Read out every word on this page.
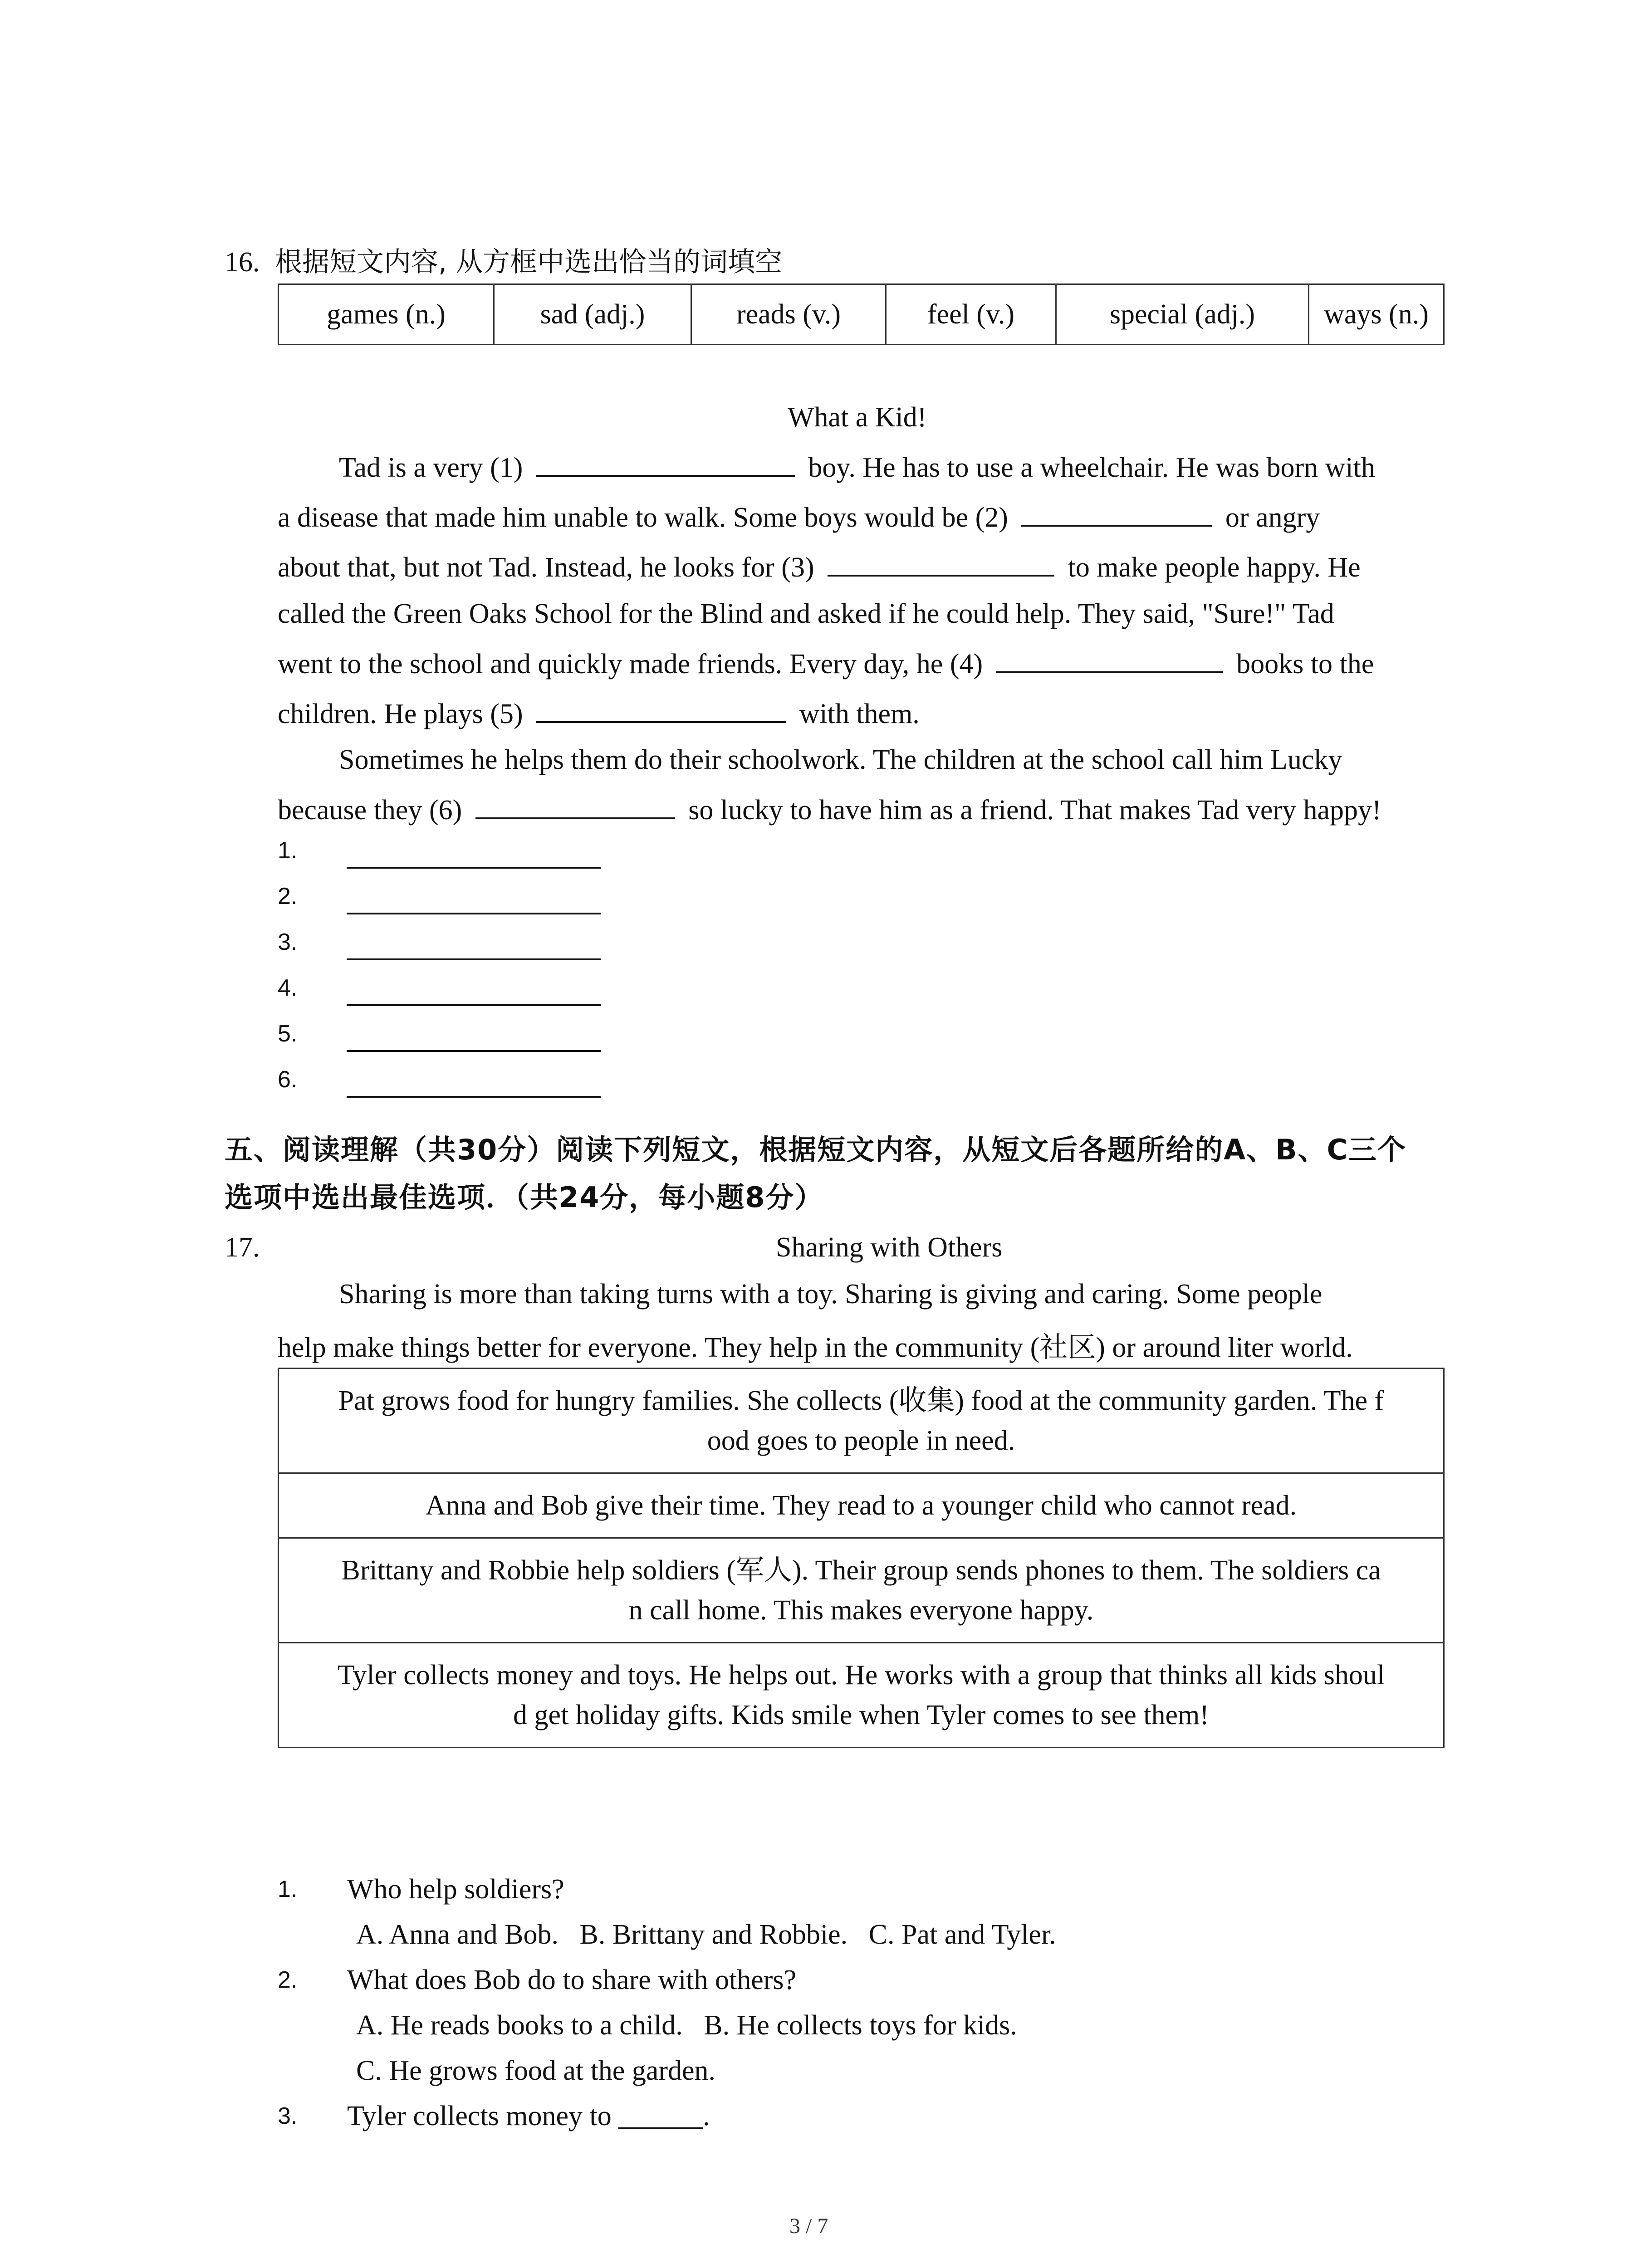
16. 根据短文内容, 从方框中选出恰当的词填空
games (n.)	sad (adj.)	reads (v.)	feel (v.)	special (adj.)	ways (n.)
What a Kid!
Tad is a very (1)	boy. He has to use a wheelchair. He was born with
a disease that made him unable to walk. Some boys would be (2)	or angry
about that, but not Tad. Instead, he looks for (3)	to make people happy. He
called the Green Oaks School for the Blind and asked if he could help. They said, "Sure!" Tad
went to the school and quickly made friends. Every day, he (4)	books to the
children. He plays (5)	with them.
Sometimes he helps them do their schoolwork. The children at the school call him Lucky
because they (6)	so lucky to have him as a friend. That makes Tad very happy!
1.
2.
3.
4.
5.
6.
五、阅读理解（共30分）阅读下列短文，根据短文内容，从短文后各题所给的A、B、C三个
选项中选出最佳选项．（共24分，每小题8分）
17.	Sharing with Others
Sharing is more than taking turns with a toy. Sharing is giving and caring. Some people
help make things better for everyone. They help in the community (社区) or around liter world.
Pat grows food for hungry families. She collects (收集) food at the community garden. The f
ood goes to people in need.

Anna and Bob give their time. They read to a younger child who cannot read.

Brittany and Robbie help soldiers (军人). Their group sends phones to them. The soldiers ca
n call home. This makes everyone happy.

Tyler collects money and toys. He helps out. He works with a group that thinks all kids shoul
d get holiday gifts. Kids smile when Tyler comes to see them!
1. Who help soldiers?
A. Anna and Bob.   B. Brittany and Robbie.   C. Pat and Tyler.
2. What does Bob do to share with others?
A. He reads books to a child.   B. He collects toys for kids.
C. He grows food at the garden.
3. Tyler collects money to ______.
3 / 7
